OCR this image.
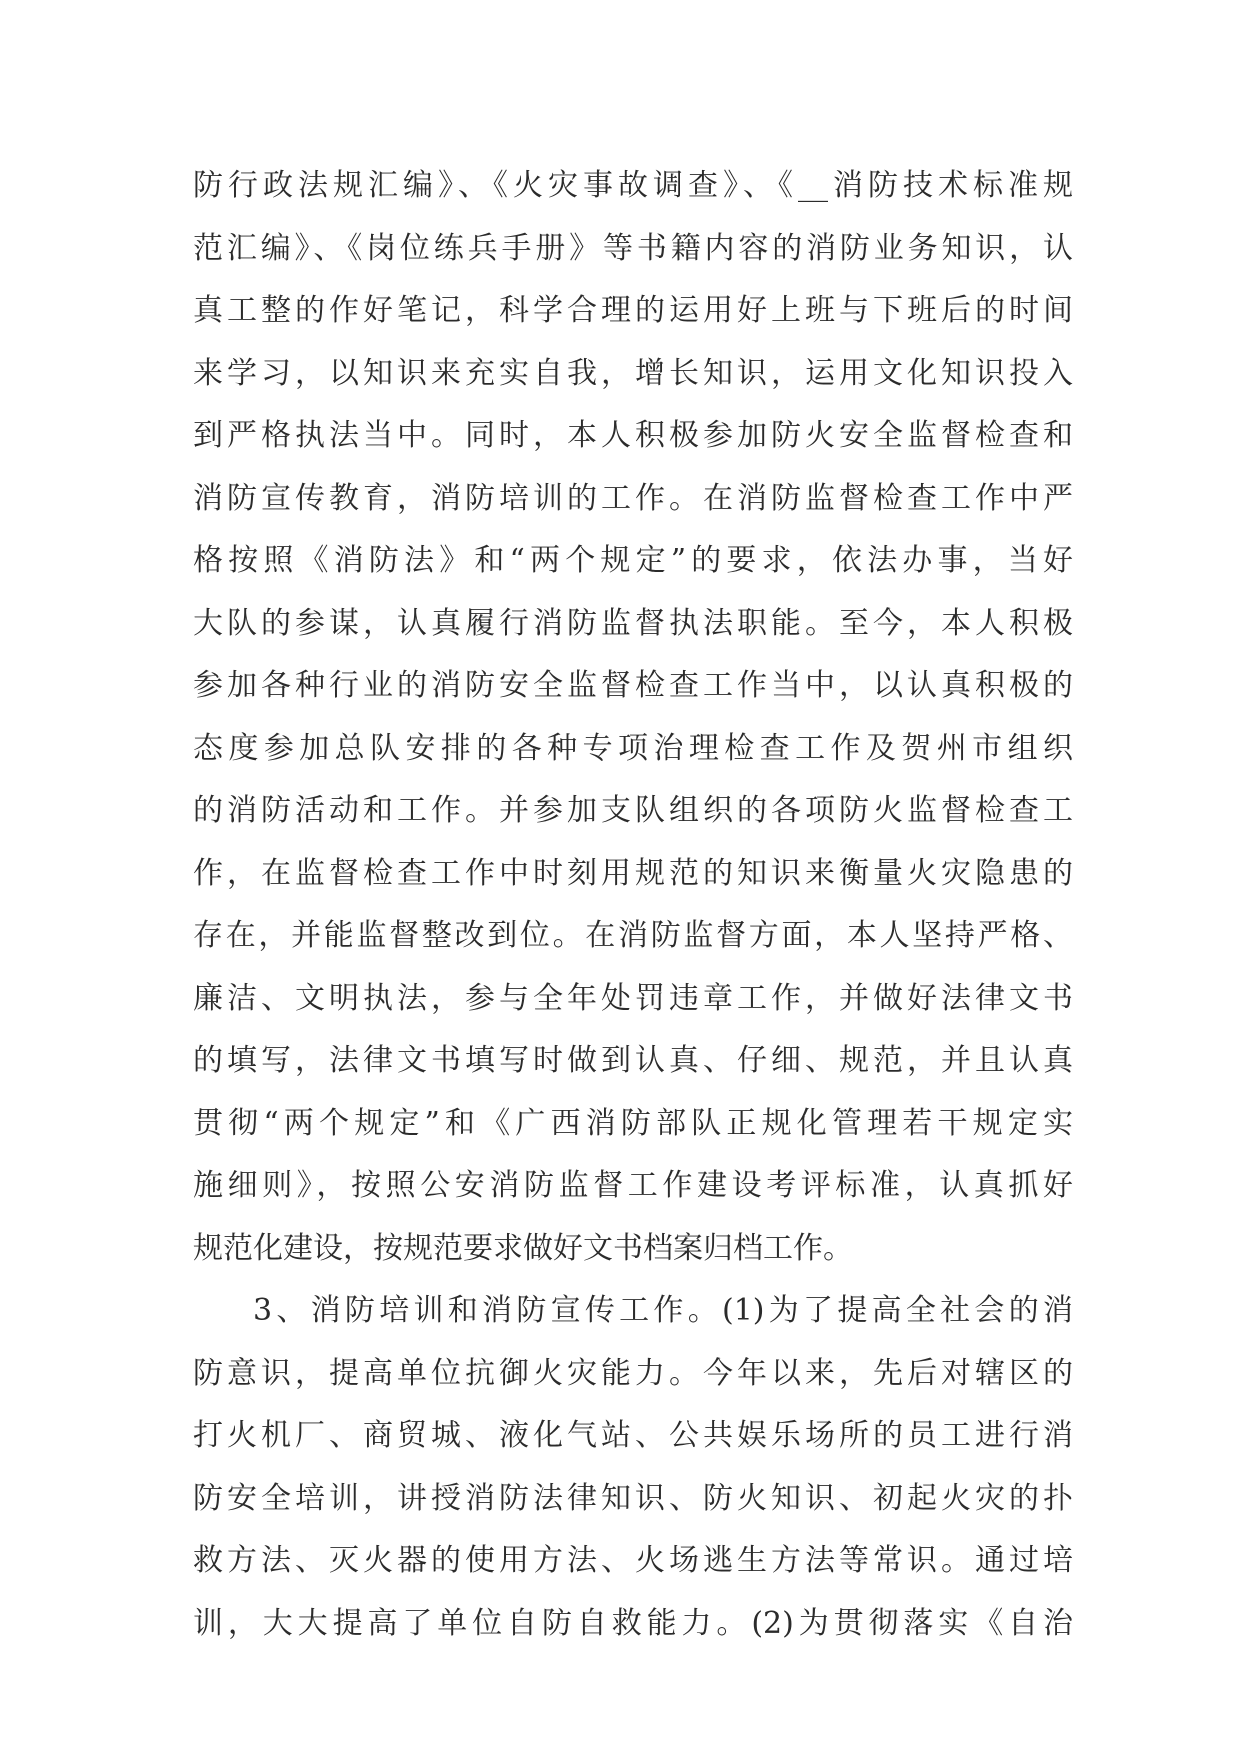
防行政法规汇编》、《火灾事故调查》、《__消防技术标准规
范汇编》、《岗位练兵手册》等书籍内容的消防业务知识，认
真工整的作好笔记，科学合理的运用好上班与下班后的时间
来学习，以知识来充实自我，增长知识，运用文化知识投入
到严格执法当中。同时，本人积极参加防火安全监督检查和
消防宣传教育，消防培训的工作。在消防监督检查工作中严
格按照《消防法》和“两个规定”的要求，依法办事，当好
大队的参谋，认真履行消防监督执法职能。至今，本人积极
参加各种行业的消防安全监督检查工作当中，以认真积极的
态度参加总队安排的各种专项治理检查工作及贺州市组织
的消防活动和工作。并参加支队组织的各项防火监督检查工
作，在监督检查工作中时刻用规范的知识来衡量火灾隐患的
存在，并能监督整改到位。在消防监督方面，本人坚持严格、
廉洁、文明执法，参与全年处罚违章工作，并做好法律文书
的填写，法律文书填写时做到认真、仔细、规范，并且认真
贯彻“两个规定”和《广西消防部队正规化管理若干规定实
施细则》，按照公安消防监督工作建设考评标准，认真抓好
规范化建设，按规范要求做好文书档案归档工作。
3、消防培训和消防宣传工作。(1)为了提高全社会的消
防意识，提高单位抗御火灾能力。今年以来，先后对辖区的
打火机厂、商贸城、液化气站、公共娱乐场所的员工进行消
防安全培训，讲授消防法律知识、防火知识、初起火灾的扑
救方法、灭火器的使用方法、火场逃生方法等常识。通过培
训，大大提高了单位自防自救能力。(2)为贯彻落实《自治
